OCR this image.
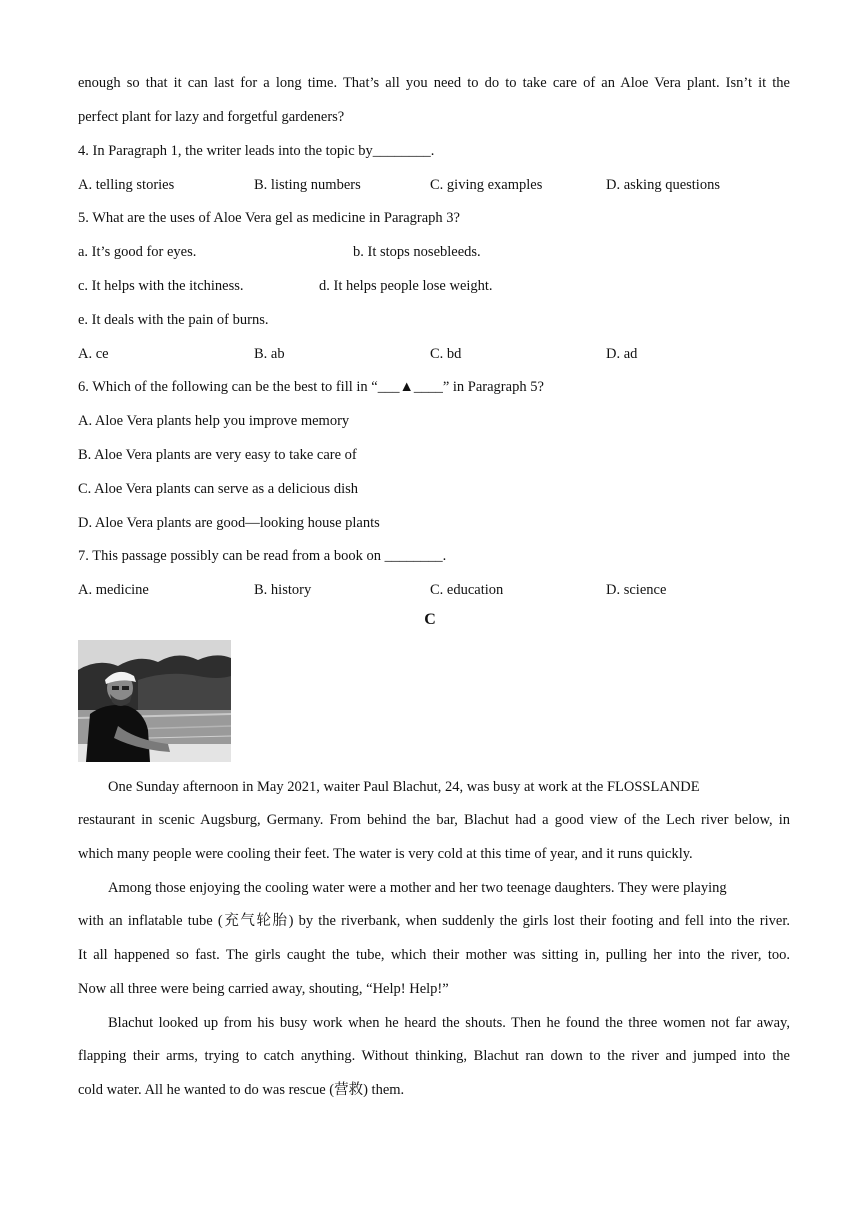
enough so that it can last for a long time. That’s all you need to do to take care of an Aloe Vera plant. Isn’t it the
perfect plant for lazy and forgetful gardeners?
4. In Paragraph 1, the writer leads into the topic by________.
A. telling stories	B. listing numbers	C. giving examples	D. asking questions
5. What are the uses of Aloe Vera gel as medicine in Paragraph 3?
a. It’s good for eyes.	b. It stops nosebleeds.
c. It helps with the itchiness.	d. It helps people lose weight.
e. It deals with the pain of burns.
A. ce	B. ab	C. bd	D. ad
6. Which of the following can be the best to fill in “___▲____” in Paragraph 5?
A. Aloe Vera plants help you improve memory
B. Aloe Vera plants are very easy to take care of
C. Aloe Vera plants can serve as a delicious dish
D. Aloe Vera plants are good—looking house plants
7. This passage possibly can be read from a book on ________.
A. medicine	B. history	C. education	D. science
C
One Sunday afternoon in May 2021, waiter Paul Blachut, 24, was busy at work at the FLOSSLANDE
restaurant in scenic Augsburg, Germany. From behind the bar, Blachut had a good view of the Lech river below, in
which many people were cooling their feet. The water is very cold at this time of year, and it runs quickly.
Among those enjoying the cooling water were a mother and her two teenage daughters. They were playing
with an inflatable tube (充气轮胎) by the riverbank, when suddenly the girls lost their footing and fell into the river.
It all happened so fast. The girls caught the tube, which their mother was sitting in, pulling her into the river, too.
Now all three were being carried away, shouting, “Help! Help!”
Blachut looked up from his busy work when he heard the shouts. Then he found the three women not far away,
flapping their arms, trying to catch anything. Without thinking, Blachut ran down to the river and jumped into the
cold water. All he wanted to do was rescue (营救) them.
